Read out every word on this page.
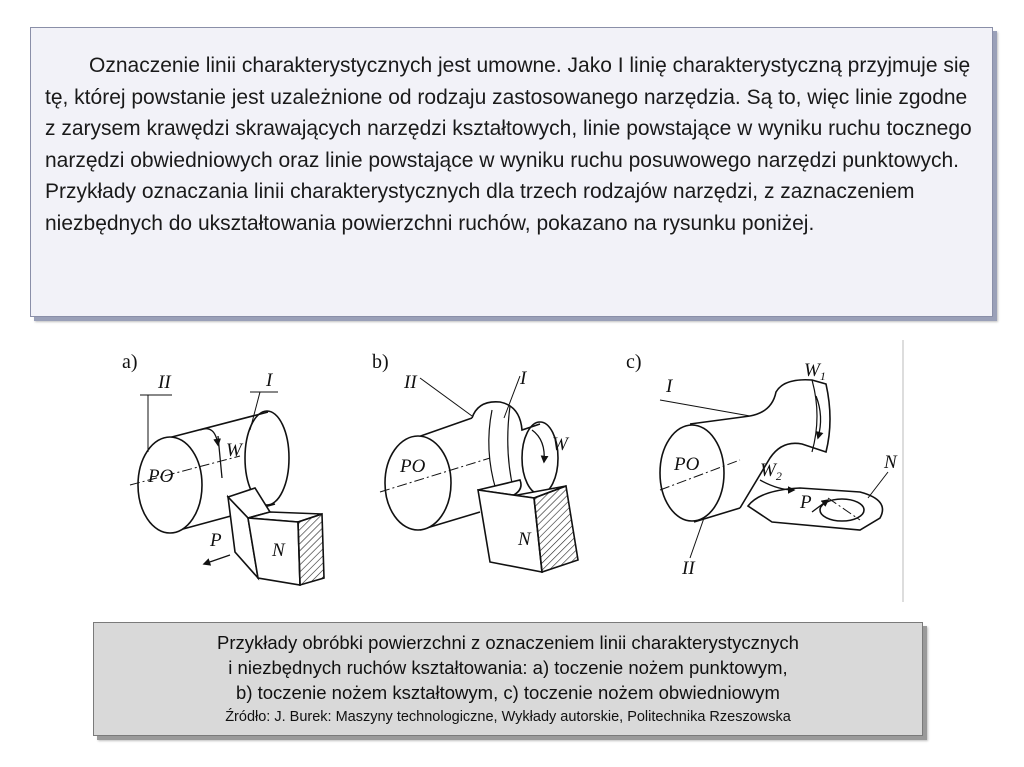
Oznaczenie linii charakterystycznych jest umowne. Jako I linię charakterystyczną przyjmuje się tę, której powstanie jest uzależnione od rodzaju zastosowanego narzędzia. Są to, więc linie zgodne z zarysem krawędzi skrawających narzędzi kształtowych, linie powstające w wyniku ruchu tocznego narzędzi obwiedniowych oraz linie powstające w wyniku ruchu posuwowego narzędzi punktowych. Przykłady oznaczania linii charakterystycznych dla trzech rodzajów narzędzi, z zaznaczeniem niezbędnych do ukształtowania powierzchni ruchów, pokazano na rysunku poniżej.

a)
II	I
PO
W
P	N
b)
II	I
PO
W
N
c)
I
$W_1$
PO	$W_2$
N
P
II
Przykłady obróbki powierzchni z oznaczeniem linii charakterystycznych
i niezbędnych ruchów kształtowania: a) toczenie nożem punktowym,
b) toczenie nożem kształtowym, c) toczenie nożem obwiedniowym
Źródło: J. Burek: Maszyny technologiczne, Wykłady autorskie, Politechnika Rzeszowska
